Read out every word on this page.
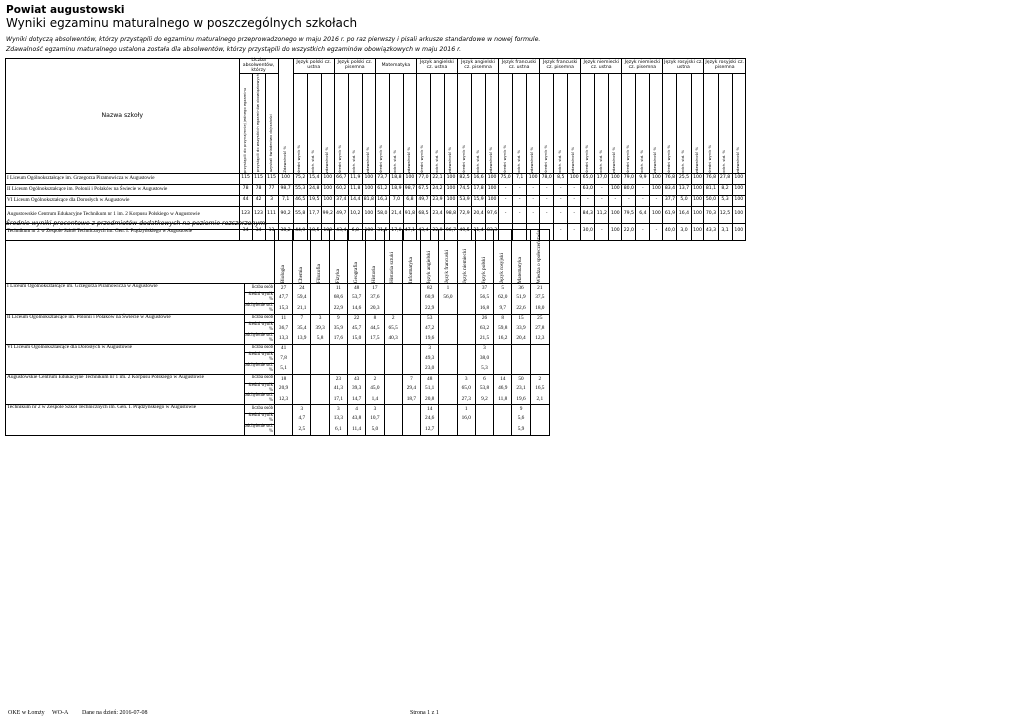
Powiat augustowski
Wyniki egzaminu maturalnego w poszczególnych szkołach
Wyniki dotyczą absolwentów, którzy przystąpili do egzaminu maturalnego przeprowadzonego w maju 2016 r. po raz pierwszy i pisali arkusze standardowe w nowej formule.
Zdawalność egzaminu maturalnego ustalona została dla absolwentów, którzy przystąpili do wszystkich egzaminów obowiązkowych w maju 2016 r.
Nazwa szkoły	Liczba absolwentów, którzy			Zdawalność %	Język polski cz. ustna			Język polski cz. pisemna			Matematyka			Język angielski cz. ustna			Język angielski cz. pisemna			Język francuski cz. ustna			Język francuski cz. pisemna			Język niemiecki cz. ustna			Język niemiecki cz. pisemna			Język rosyjski cz. ustna			Język rosyjski cz. pisemna		

	przystąpili do przynajmniej jednego egzaminu	przystąpili do wszystkich egzaminów obowiązkowych	uzyskali świadectwo dojrzałości		średni wynik %	odch. std. %	zdawalność %	średni wynik %	odch. std. %	zdawalność %	średni wynik %	odch. std. %	zdawalność %	średni wynik %	odch. std. %	zdawalność %	średni wynik %	odch. std. %	zdawalność %	średni wynik %	odch. std. %	zdawalność %	średni wynik %	odch. std. %	zdawalność %	średni wynik %	odch. std. %	zdawalność %	średni wynik %	odch. std. %	zdawalność %	średni wynik %	odch. std. %	zdawalność %	średni wynik %	odch. std. %	zdawalność %

I Liceum Ogólnokształcące im. Grzegorza Piramowicza w Augustowie	115	115	115	100	75,2	15,4	100	66,7	11,9	100	73,7	18,8	100	77,0	22,1	100	82,5	16,6	100	75,0	7,1	100	78,0	8,5	100	65,0	17,0	100	79,0	9,9	100	76,8	25,5	100	76,8	27,8	100
II Liceum Ogólnokształcące im. Polonii i Polaków na Świecie w Augustowie	78	78	77	98,7	55,3	24,8	100	60,2	11,8	100	61,2	18,9	98,7	67,5	24,2	100	74,5	17,8	100	-	-	-	-	-	-	63,0	-	100	80,0	-	100	83,4	13,7	100	81,1	8,2	100
VI Liceum Ogólnokształcące dla Dorosłych w Augustowie	44	42	3	7,1	46,5	19,5	100	37,4	14,4	81,8	16,3	7,0	6,8	49,7	23,9	100	53,9	15,9	100	-	-	-	-	-	-	-	-	-	-	-	-	37,7	5,0	100	50,0	5,3	100
Augustowskie Centrum Edukacyjne Technikum nr 1 im. 2 Korpusu Polskiego w Augustowie	123	123	111	90,2	55,8	17,7	99,2	49,7	10,2	100	58,0	21,4	91,8	68,5	23,4	98,8	72,9	20,4	97,6	-	-	-	-	-	-	84,3	11,2	100	79,5	6,4	100	61,9	16,4	100	70,3	12,5	100
Technikum nr 2 w Zespole Szkół Technicznych im. Gen. I. Prądzyńskiego w Augustowie	34	34	13	38,2	44,9	18,5	100	43,4	6,8	100	31,5	17,0	47,1	43,4	22,9	96,7	49,5	21,4	83,3	-	-	-	-	-	-	30,0	-	100	22,0	-	-	40,0	3,0	100	43,3	3,1	100
Średnie wyniki procentowe z przedmiotów dodatkowych na poziomie rozszerzonym.

		Biologia	Chemia	Filozofia	Fizyka	Geografia	Historia	Historia sztuki	Informatyka	Język angielski	Język francuski	Język niemiecki	Język polski	Język rosyjski	Matematyka	Wiedza o społeczeństwie

I Liceum Ogólnokształcące im. Grzegorza Piramowicza w Augustowie	liczba osób	27	24		11	48	17			82	1		37	5	36	21
	średni wynik %	47,7	59,4		68,6	53,7	37,6			60,9	56,0		56,5	62,0	51,9	37,5
	odchylenie std. %	15,3	21,1		22,9	14,6	20,3			22,9			16,8	9,7	22,6	18,0
II Liceum Ogólnokształcące im. Polonii i Polaków na Świecie w Augustowie	liczba osób	11	7	3	9	22	8	2		53			26	8	15	25
	średni wynik %	36,7	35,4	39,3	35,9	45,7	44,5	65,5		47,2			63,2	59,8	33,9	27,8
	odchylenie std. %	13,3	13,9	5,8	17,6	15,0	17,5	40,3		19,6			21,5	16,2	20,4	12,3
VI Liceum Ogólnokształcące dla Dorosłych w Augustowie	liczba osób	41								3			3			
	średni wynik %	7,8								49,3			38,0			
	odchylenie std. %	5,1								23,0			5,3			
Augustowskie Centrum Edukacyjne Technikum nr 1 im. 2 Korpusu Polskiego w Augustowie	liczba osób	18			23	43	2		7	48		3	6	14	50	2
	średni wynik %	20,9			41,3	39,3	45,0		29,4	51,1		65,0	53,8	46,9	23,1	16,5
	odchylenie std. %	12,3			17,1	14,7	1,4		18,7	20,8		27,3	9,2	11,8	19,6	2,1
Technikum nr 2 w Zespole Szkół Technicznych im. Gen. I. Prądzyńskiego w Augustowie	liczba osób		3		3	4	3			14		1			9	
	średni wynik %		4,7		13,3	43,8	10,7			24,6		16,0			5,6	
	odchylenie std. %		2,5		6,1	11,4	5,0			12,7					5,9	
OKE w Łomży WO-A Dane na dzień: 2016-07-08	Strona 1 z 1
